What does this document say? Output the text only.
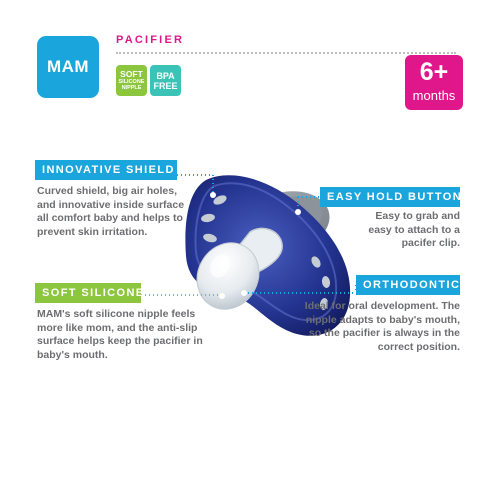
MAM
PACIFIER
SOFT
SILICONE
NIPPLE
BPA
FREE	6+
months
INNOVATIVE SHIELD
Curved shield, big air holes, and innovative inside surface all comfort baby and helps to prevent skin irritation.
EASY HOLD BUTTON
Easy to grab and easy to attach to a pacifer clip.
SOFT SILICONE
MAM's soft silicone nipple feels more like mom, and the anti-slip surface helps keep the pacifier in baby's mouth.
ORTHODONTIC
Ideal for oral development. The nipple adapts to baby's mouth, so the pacifier is always in the correct position.
